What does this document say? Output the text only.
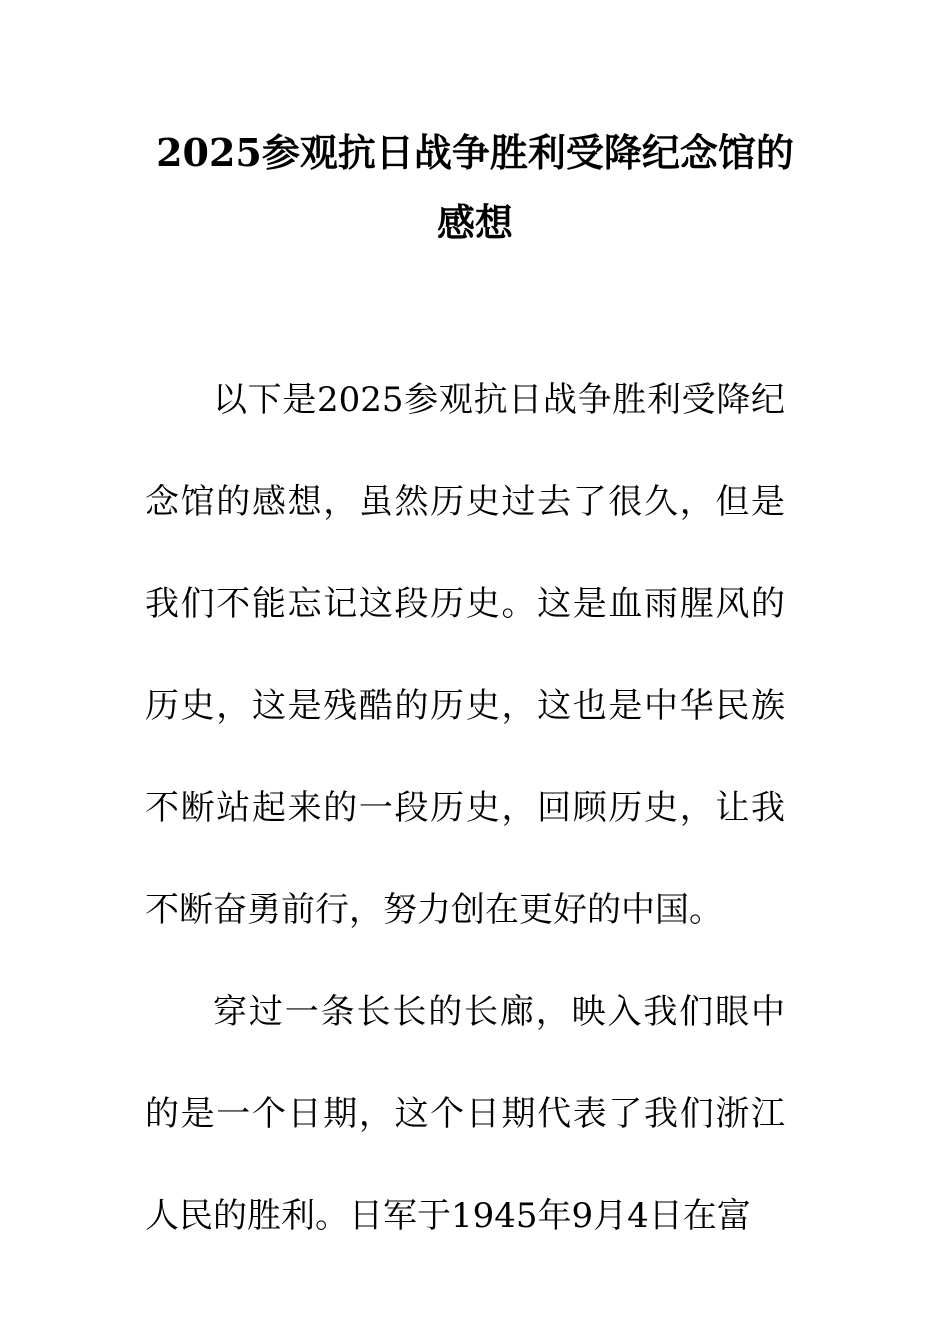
2025参观抗日战争胜利受降纪念馆的感想

以下是2025参观抗日战争胜利受降纪念馆的感想，虽然历史过去了很久，但是我们不能忘记这段历史。这是血雨腥风的历史，这是残酷的历史，这也是中华民族不断站起来的一段历史，回顾历史，让我不断奋勇前行，努力创在更好的中国。

穿过一条长长的长廊，映入我们眼中的是一个日期，这个日期代表了我们浙江人民的胜利。日军于1945年9月4日在富
